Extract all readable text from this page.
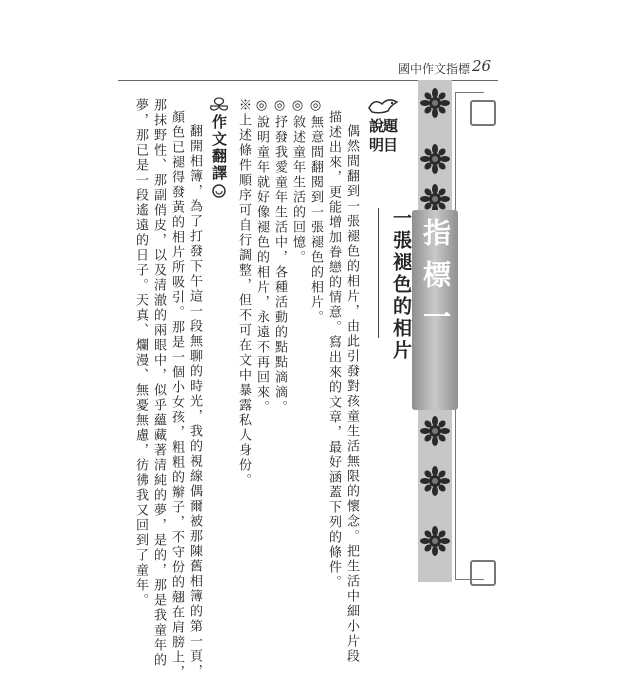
國中作文指標 26
指標一
題目
一張褪色的相片
說明
偶然間翻到一張褪色的相片，由此引發對孩童生活無限的懷念。把生活中細小片段
描述出來，更能增加眷戀的情意。寫出來的文章，最好涵蓋下列的條件。
◎無意間翻閱到一張褪色的相片。
◎敘述童年生活的回憶。
◎抒發我愛童年生活中，各種活動的點點滴滴。
◎說明童年就好像褪色的相片，永遠不再回來。
※上述條件順序可自行調整，但不可在文中暴露私人身份。
作文翻譯
翻開相簿，為了打發下午這一段無聊的時光，我的視線偶爾被那陳舊相簿的第一頁，
顏色已褪得發黃的相片所吸引。那是一個小女孩，粗粗的辮子，不守份的翹在肩膀上，
那抹野性、那副俏皮，以及清澈的兩眼中，似乎蘊藏著清純的夢，是的，那是我童年的
夢，那已是一段遙遠的日子。天真、爛漫、無憂無慮，彷彿我又回到了童年。
